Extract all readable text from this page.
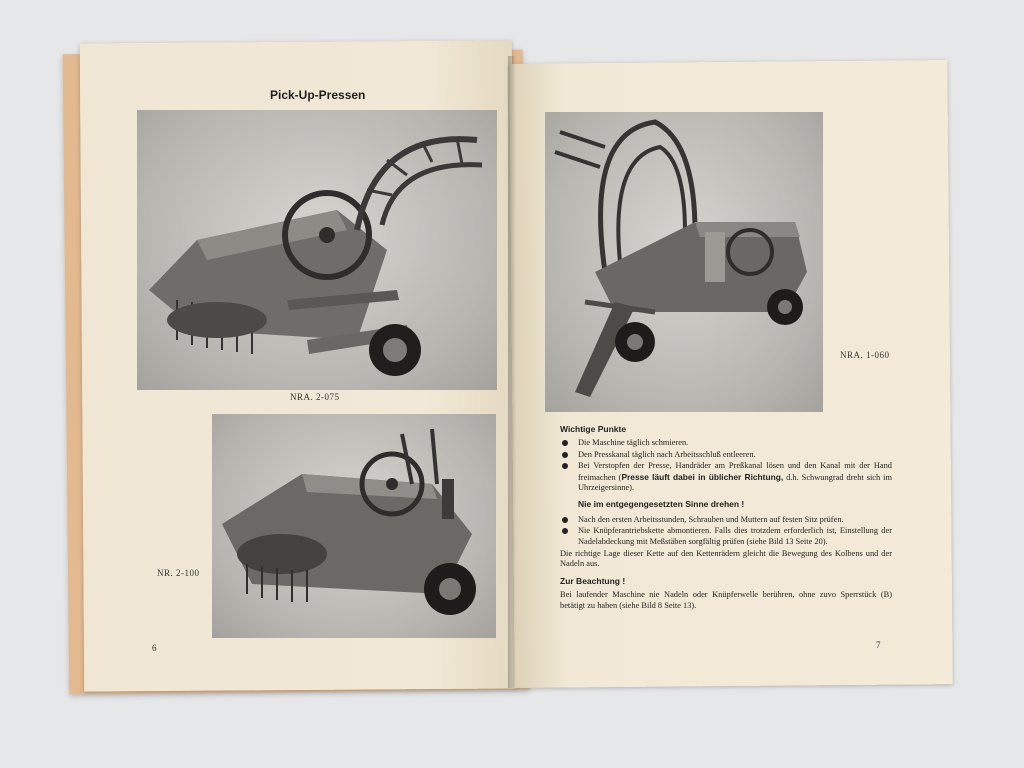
Pick-Up-Pressen
NRA. 2-075
NR. 2-100
6
NRA. 1-060
Wichtige Punkte
Die Maschine täglich schmieren.
Den Presskanal täglich nach Arbeitsschluß entleeren.
Bei Verstopfen der Presse, Handräder am Preßkanal lösen und den Kanal mit der Hand freimachen (Presse läuft dabei in üblicher Richtung, d.h. Schwungrad dreht sich im Uhrzeigersinne).
Nie im entgegengesetzten Sinne drehen !
Nach den ersten Arbeitsstunden, Schrauben und Muttern auf festen Sitz prüfen.
Nie Knüpferantriebskette abmontieren. Falls dies trotzdem erforderlich ist, Einstellung der Nadelabdeckung mit Meßstäben sorgfältig prüfen (siehe Bild 13 Seite 20).
Die richtige Lage dieser Kette auf den Kettenrädern gleicht die Bewegung des Kolbens und der Nadeln aus.
Zur Beachtung !
Bei laufender Maschine nie Nadeln oder Knüpferwelle berühren, ohne zuvo Sperrstück (B) betätigt zu haben (siehe Bild 8 Seite 13).
7
